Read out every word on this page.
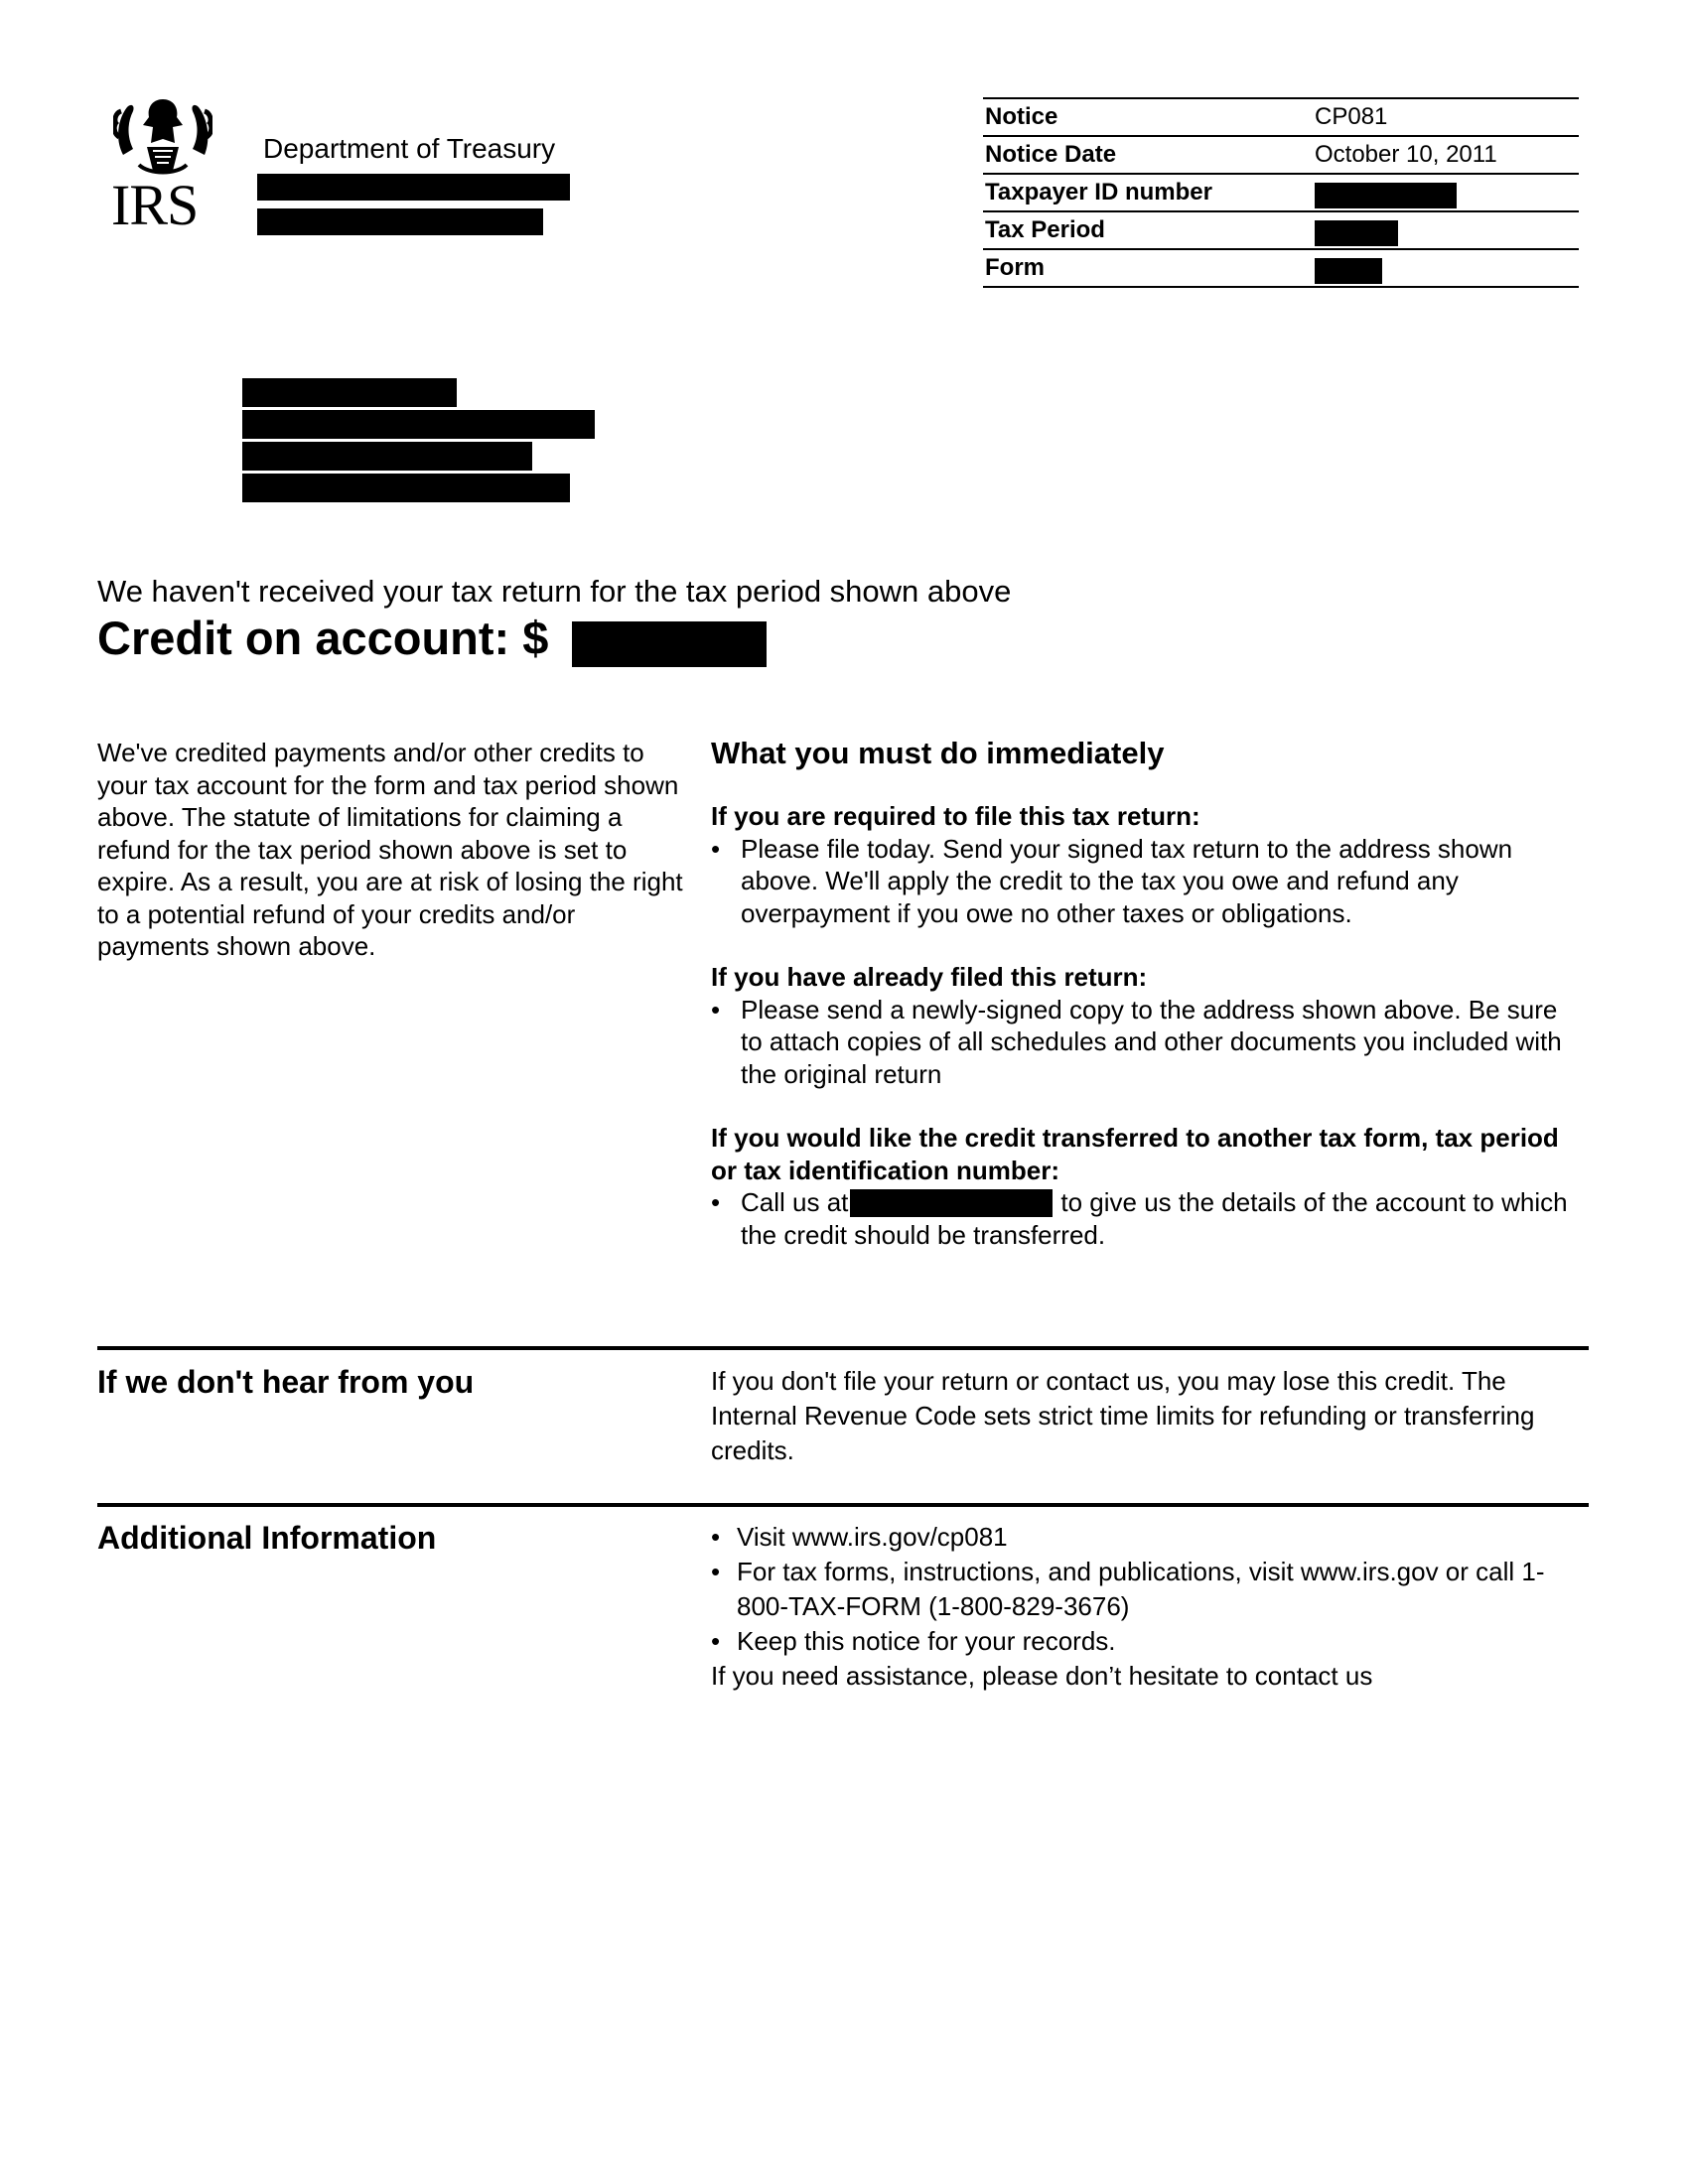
IRS
Department of Treasury
Notice	CP081
Notice Date	October 10, 2011
Taxpayer ID number
Tax Period
Form
We haven't received your tax return for the tax period shown above
Credit on account: $
We've credited payments and/or other credits to your tax account for the form and tax period shown above. The statute of limitations for claiming a refund for the tax period shown above is set to expire. As a result, you are at risk of losing the right to a potential refund of your credits and/or payments shown above.
What you must do immediately
If you are required to file this tax return:
• Please file today. Send your signed tax return to the address shown above. We'll apply the credit to the tax you owe and refund any overpayment if you owe no other taxes or obligations.
If you have already filed this return:
• Please send a newly-signed copy to the address shown above. Be sure to attach copies of all schedules and other documents you included with the original return
If you would like the credit transferred to another tax form, tax period or tax identification number:
• Call us at	to give us the details of the account to which the credit should be transferred.
If we don't hear from you	If you don't file your return or contact us, you may lose this credit. The Internal Revenue Code sets strict time limits for refunding or transferring credits.
Additional Information
•	Visit www.irs.gov/cp081
• For tax forms, instructions, and publications, visit www.irs.gov or call 1-800-TAX-FORM (1-800-829-3676)
• Keep this notice for your records.
If you need assistance, please don’t hesitate to contact us
